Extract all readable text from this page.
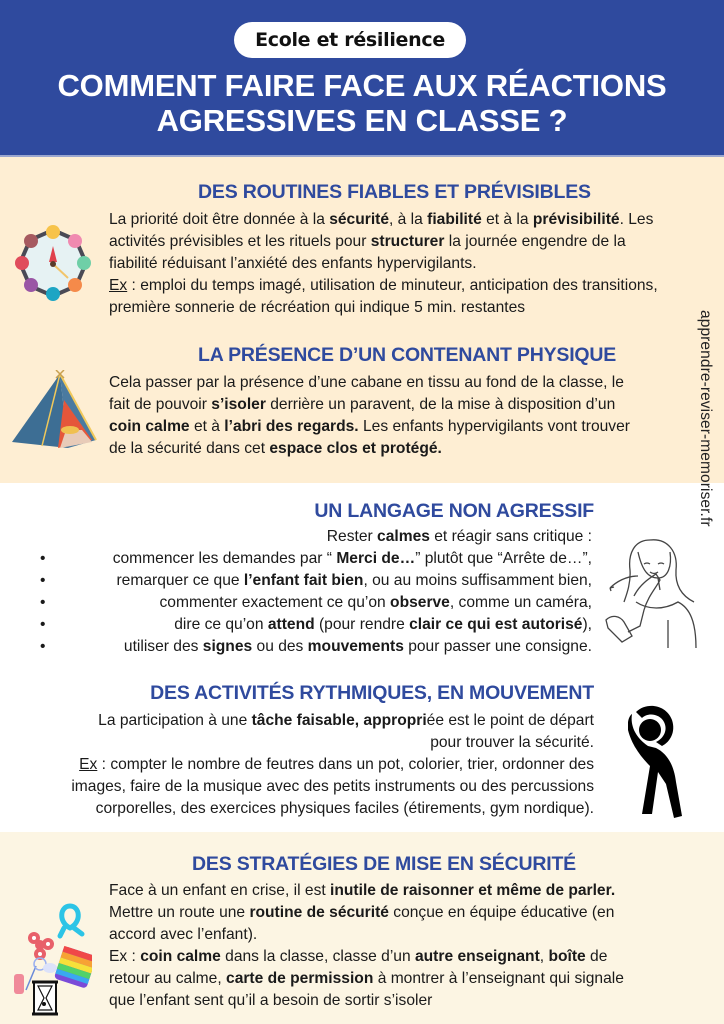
Ecole et résilience
COMMENT FAIRE FACE AUX RÉACTIONS
AGRESSIVES EN CLASSE ?
DES ROUTINES FIABLES ET PRÉVISIBLES
La priorité doit être donnée à la sécurité, à la fiabilité et à la prévisibilité. Les
activités prévisibles et les rituels pour structurer la journée engendre de la
fiabilité réduisant l’anxiété des enfants hypervigilants.
Ex : emploi du temps imagé, utilisation de minuteur, anticipation des transitions,
première sonnerie de récréation qui indique 5 min. restantes
LA PRÉSENCE D’UN CONTENANT PHYSIQUE
Cela passer par la présence d’une cabane en tissu au fond de la classe, le
fait de pouvoir s’isoler derrière un paravent, de la mise à disposition d’un
coin calme et à l’abri des regards. Les enfants hypervigilants vont trouver
de la sécurité dans cet espace clos et protégé.	apprendre-reviser-memoriser.fr
UN LANGAGE NON AGRESSIF
Rester calmes et réagir sans critique :
•	commencer les demandes par “ Merci de…” plutôt que “Arrête de…”,
•	remarquer ce que l’enfant fait bien, ou au moins suffisamment bien,
•	commenter exactement ce qu’on observe, comme un caméra,
•	dire ce qu’on attend (pour rendre clair ce qui est autorisé),
•	utiliser des signes ou des mouvements pour passer une consigne.
DES ACTIVITÉS RYTHMIQUES, EN MOUVEMENT
La participation à une tâche faisable, appropriée est le point de départ
pour trouver la sécurité.
Ex : compter le nombre de feutres dans un pot, colorier, trier, ordonner des
images, faire de la musique avec des petits instruments ou des percussions
corporelles, des exercices physiques faciles (étirements, gym nordique).
DES STRATÉGIES DE MISE EN SÉCURITÉ
Face à un enfant en crise, il est inutile de raisonner et même de parler.
Mettre un route une routine de sécurité conçue en équipe éducative (en
accord avec l’enfant).
Ex : coin calme dans la classe, classe d’un autre enseignant, boîte de
retour au calme, carte de permission à montrer à l’enseignant qui signale
que l’enfant sent qu’il a besoin de sortir s’isoler
